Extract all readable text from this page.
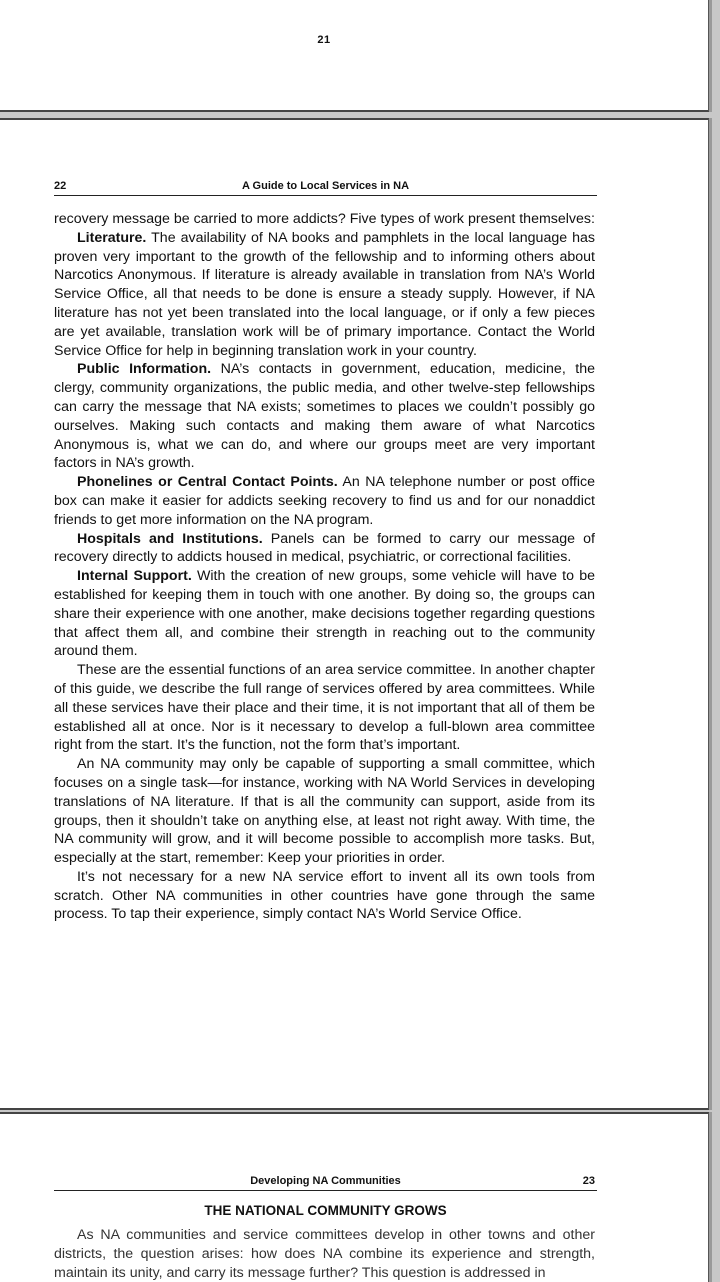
21
22	A Guide to Local Services in NA

recovery message be carried to more addicts? Five types of work present themselves:

Literature. The availability of NA books and pamphlets in the local language has proven very important to the growth of the fellowship and to informing others about Narcotics Anonymous. If literature is already available in translation from NA’s World Service Office, all that needs to be done is ensure a steady supply. However, if NA literature has not yet been translated into the local language, or if only a few pieces are yet available, translation work will be of primary importance. Contact the World Service Office for help in beginning translation work in your country.

Public Information. NA’s contacts in government, education, medicine, the clergy, community organizations, the public media, and other twelve-step fellowships can carry the message that NA exists; sometimes to places we couldn’t possibly go ourselves. Making such contacts and making them aware of what Narcotics Anonymous is, what we can do, and where our groups meet are very important factors in NA’s growth.

Phonelines or Central Contact Points. An NA telephone number or post office box can make it easier for addicts seeking recovery to find us and for our nonaddict friends to get more information on the NA program.

Hospitals and Institutions. Panels can be formed to carry our message of recovery directly to addicts housed in medical, psychiatric, or correctional facilities.

Internal Support. With the creation of new groups, some vehicle will have to be established for keeping them in touch with one another. By doing so, the groups can share their experience with one another, make decisions together regarding questions that affect them all, and combine their strength in reaching out to the community around them.

These are the essential functions of an area service committee. In another chapter of this guide, we describe the full range of services offered by area committees. While all these services have their place and their time, it is not important that all of them be established all at once. Nor is it necessary to develop a full-blown area committee right from the start. It’s the function, not the form that’s important.

An NA community may only be capable of supporting a small committee, which focuses on a single task—for instance, working with NA World Services in developing translations of NA literature. If that is all the community can support, aside from its groups, then it shouldn’t take on anything else, at least not right away. With time, the NA community will grow, and it will become possible to accomplish more tasks. But, especially at the start, remember: Keep your priorities in order.

It’s not necessary for a new NA service effort to invent all its own tools from scratch. Other NA communities in other countries have gone through the same process. To tap their experience, simply contact NA’s World Service Office.

Developing NA Communities	23
THE NATIONAL COMMUNITY GROWS

As NA communities and service committees develop in other towns and other districts, the question arises: how does NA combine its experience and strength, maintain its unity, and carry its message further? This question is addressed in
